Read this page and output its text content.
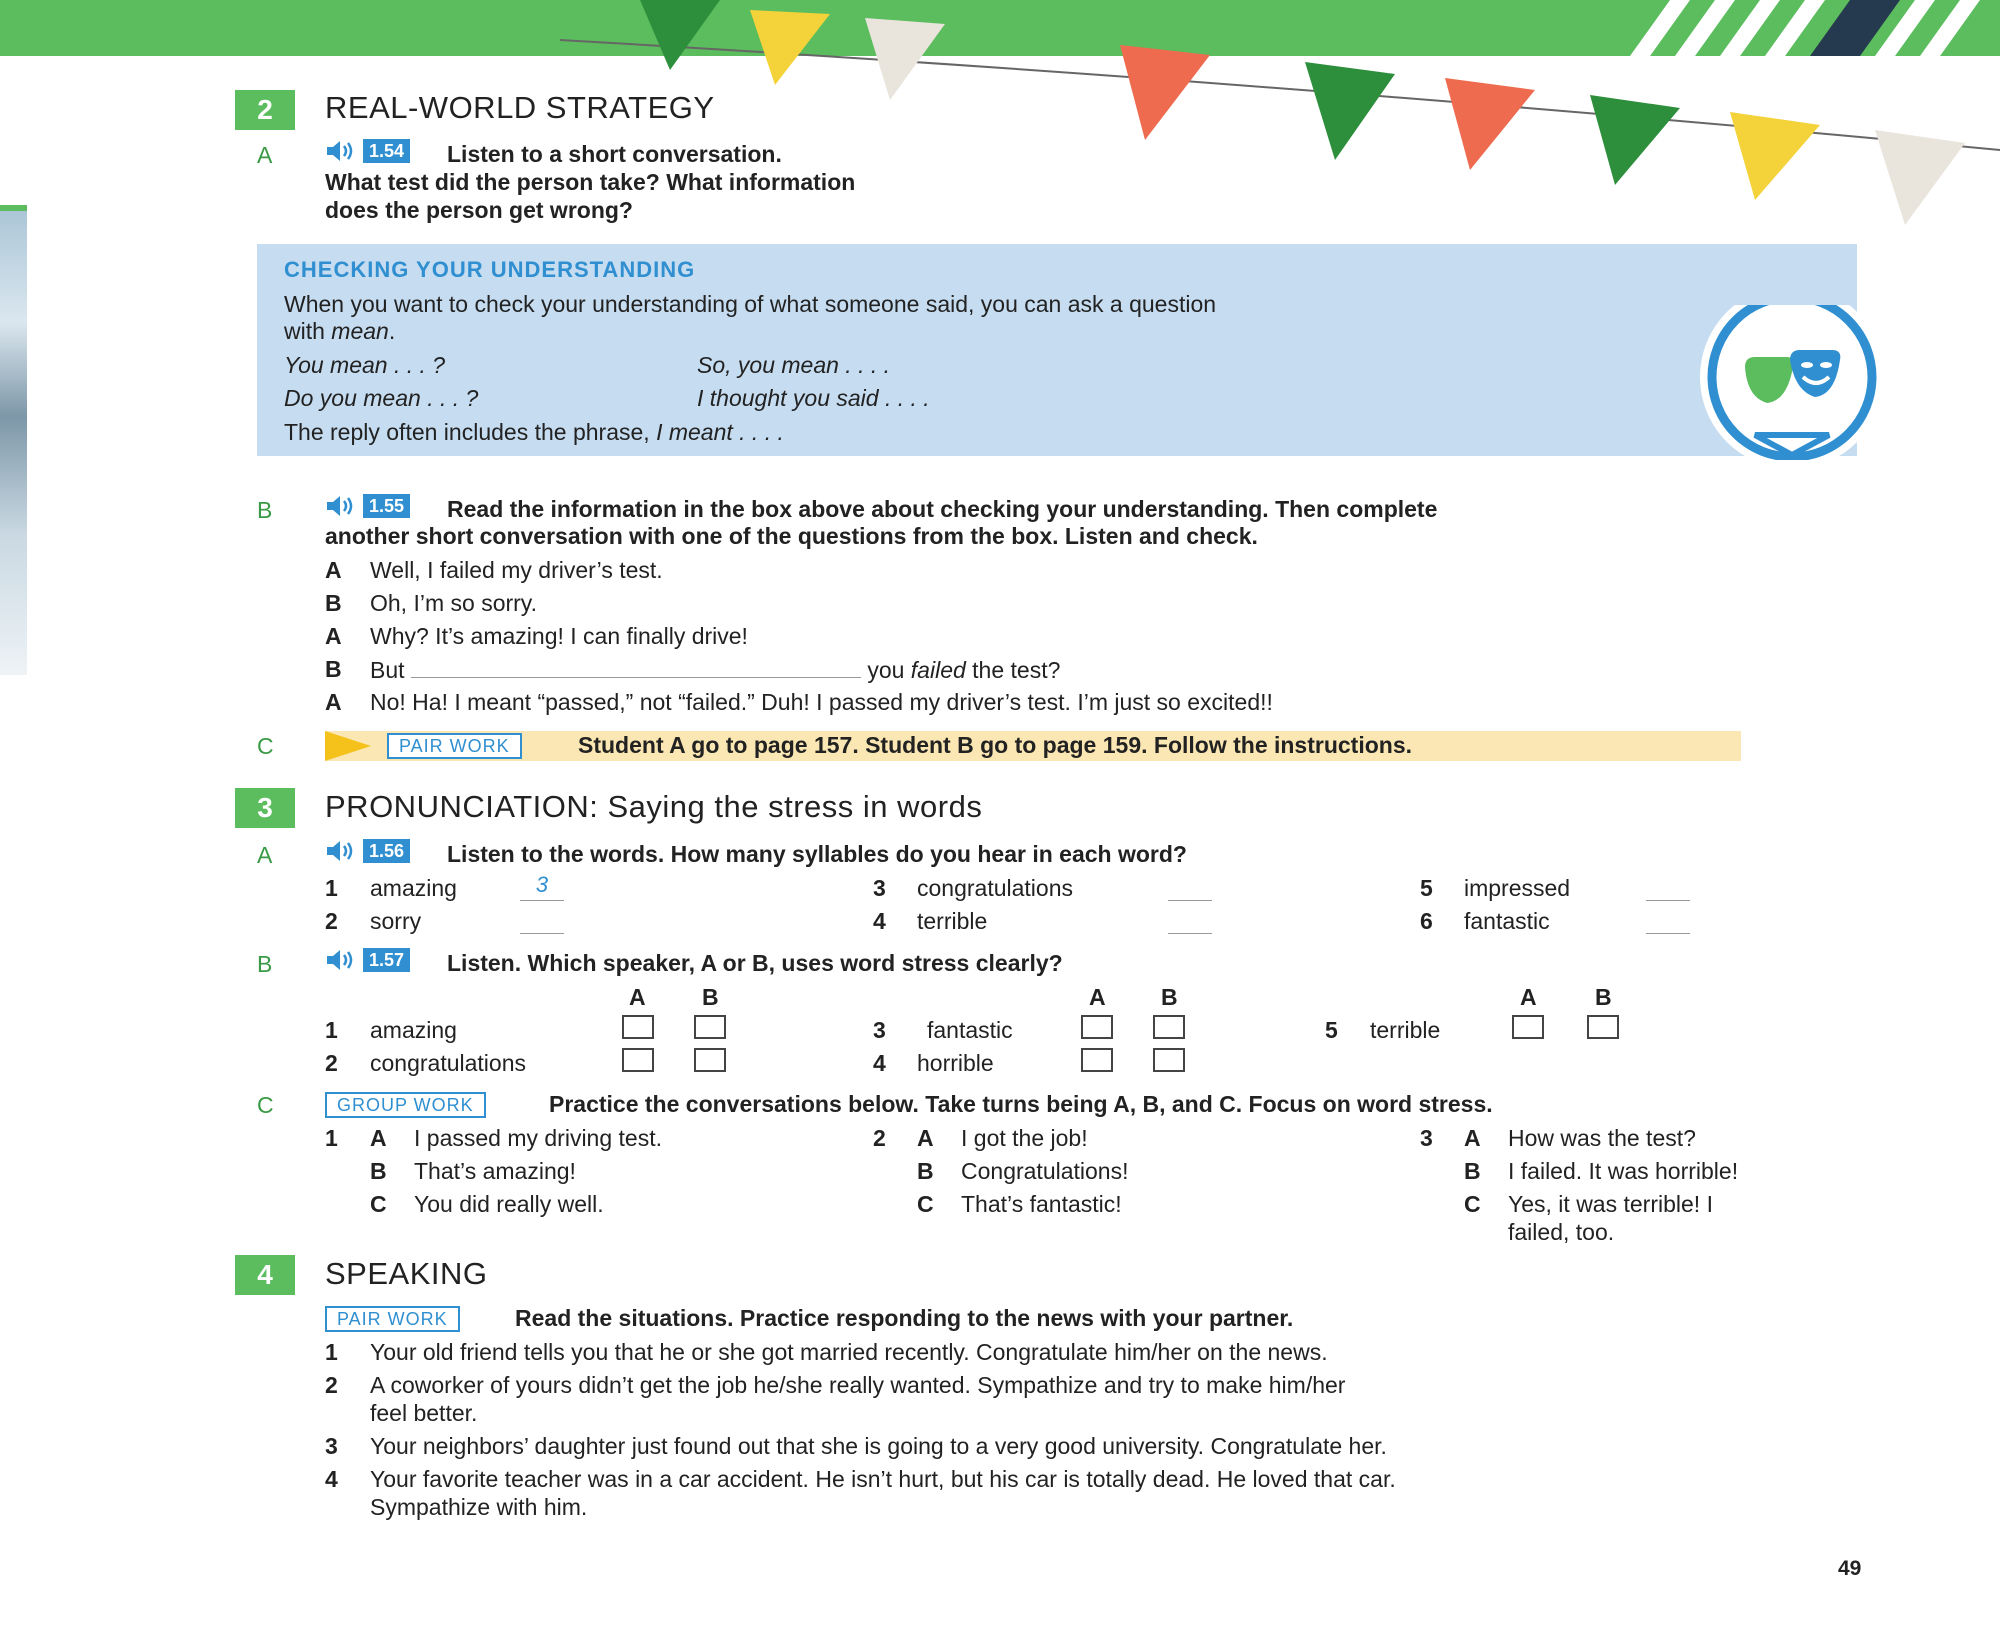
2	REAL-WORLD STRATEGY
A	1.54 Listen to a short conversation.
What test did the person take? What information
does the person get wrong?
CHECKING YOUR UNDERSTANDING
When you want to check your understanding of what someone said, you can ask a question
with mean.
You mean . . . ?	So, you mean . . . .
Do you mean . . . ?	I thought you said . . . .
The reply often includes the phrase, I meant . . . .
B	1.55 Read the information in the box above about checking your understanding. Then complete
another short conversation with one of the questions from the box. Listen and check.
A Well, I failed my driver’s test.
B Oh, I’m so sorry.
A Why? It’s amazing! I can finally drive!
B But	you failed the test?
A No! Ha! I meant “passed,” not “failed.” Duh! I passed my driver’s test. I’m just so excited!!
C	PAIR WORK	Student A go to page 157. Student B go to page 159. Follow the instructions.
3	PRONUNCIATION: Saying the stress in words
A	1.56 Listen to the words. How many syllables do you hear in each word?
1 amazing	3
2 sorry
3 congratulations
4 terrible
5 impressed
6 fantastic
B	1.57 Listen. Which speaker, A or B, uses word stress clearly?
A B	A B	A	B
1 amazing
2 congratulations
3 fantastic
4 horrible
5 terrible
C	GROUP WORK	Practice the conversations below. Take turns being A, B, and C. Focus on word stress.
1 A I passed my driving test.
B That’s amazing!
C You did really well.
2 A I got the job!
B Congratulations!
C That’s fantastic!
3 A How was the test?
B I failed. It was horrible!
C Yes, it was terrible! I
failed, too.
4	SPEAKING
PAIR WORK	Read the situations. Practice responding to the news with your partner.
1 Your old friend tells you that he or she got married recently. Congratulate him/her on the news.
2 A coworker of yours didn’t get the job he/she really wanted. Sympathize and try to make him/her
feel better.
3 Your neighbors’ daughter just found out that she is going to a very good university. Congratulate her.
4 Your favorite teacher was in a car accident. He isn’t hurt, but his car is totally dead. He loved that car.
Sympathize with him.
49
